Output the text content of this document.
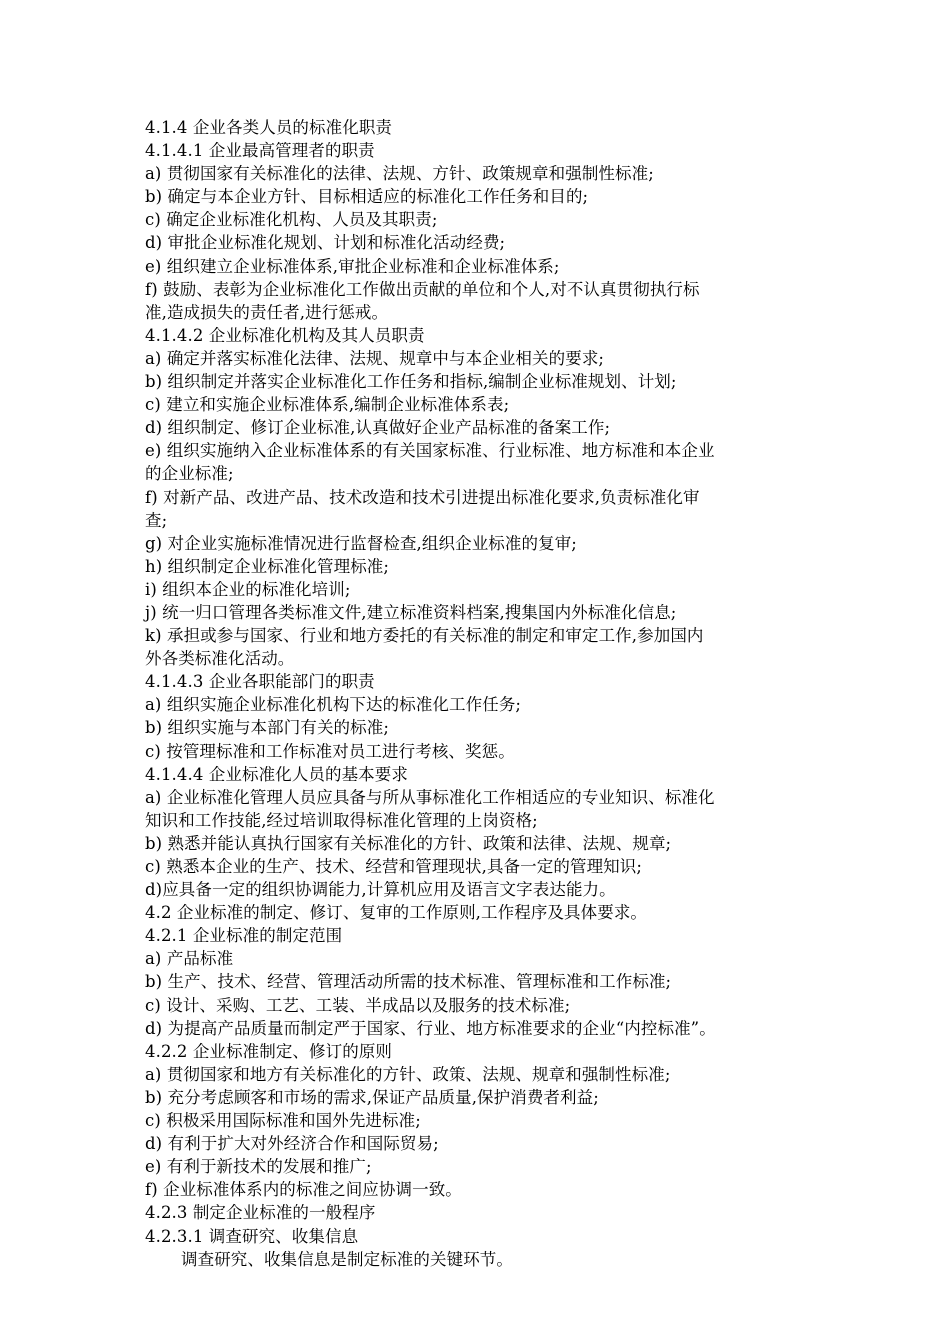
4.1.4 企业各类人员的标准化职责
4.1.4.1 企业最高管理者的职责
a) 贯彻国家有关标准化的法律、法规、方针、政策规章和强制性标准;
b) 确定与本企业方针、目标相适应的标准化工作任务和目的;
c) 确定企业标准化机构、人员及其职责;
d) 审批企业标准化规划、计划和标准化活动经费;
e) 组织建立企业标准体系,审批企业标准和企业标准体系;
f) 鼓励、表彰为企业标准化工作做出贡献的单位和个人,对不认真贯彻执行标
准,造成损失的责任者,进行惩戒。
4.1.4.2 企业标准化机构及其人员职责
a) 确定并落实标准化法律、法规、规章中与本企业相关的要求;
b) 组织制定并落实企业标准化工作任务和指标,编制企业标准规划、计划;
c) 建立和实施企业标准体系,编制企业标准体系表;
d) 组织制定、修订企业标准,认真做好企业产品标准的备案工作;
e) 组织实施纳入企业标准体系的有关国家标准、行业标准、地方标准和本企业
的企业标准;
f) 对新产品、改进产品、技术改造和技术引进提出标准化要求,负责标准化审
查;
g) 对企业实施标准情况进行监督检查,组织企业标准的复审;
h) 组织制定企业标准化管理标准;
i) 组织本企业的标准化培训;
j) 统一归口管理各类标准文件,建立标准资料档案,搜集国内外标准化信息;
k) 承担或参与国家、行业和地方委托的有关标准的制定和审定工作,参加国内
外各类标准化活动。
4.1.4.3 企业各职能部门的职责
a) 组织实施企业标准化机构下达的标准化工作任务;
b) 组织实施与本部门有关的标准;
c) 按管理标准和工作标准对员工进行考核、奖惩。
4.1.4.4 企业标准化人员的基本要求
a) 企业标准化管理人员应具备与所从事标准化工作相适应的专业知识、标准化
知识和工作技能,经过培训取得标准化管理的上岗资格;
b) 熟悉并能认真执行国家有关标准化的方针、政策和法律、法规、规章;
c) 熟悉本企业的生产、技术、经营和管理现状,具备一定的管理知识;
d)应具备一定的组织协调能力,计算机应用及语言文字表达能力。
4.2 企业标准的制定、修订、复审的工作原则,工作程序及具体要求。
4.2.1 企业标准的制定范围
a) 产品标准
b) 生产、技术、经营、管理活动所需的技术标准、管理标准和工作标准;
c) 设计、采购、工艺、工装、半成品以及服务的技术标准;
d) 为提高产品质量而制定严于国家、行业、地方标准要求的企业“内控标准”。
4.2.2 企业标准制定、修订的原则
a) 贯彻国家和地方有关标准化的方针、政策、法规、规章和强制性标准;
b) 充分考虑顾客和市场的需求,保证产品质量,保护消费者利益;
c) 积极采用国际标准和国外先进标准;
d) 有利于扩大对外经济合作和国际贸易;
e) 有利于新技术的发展和推广;
f) 企业标准体系内的标准之间应协调一致。
4.2.3 制定企业标准的一般程序
4.2.3.1 调查研究、收集信息
调查研究、收集信息是制定标准的关键环节。
